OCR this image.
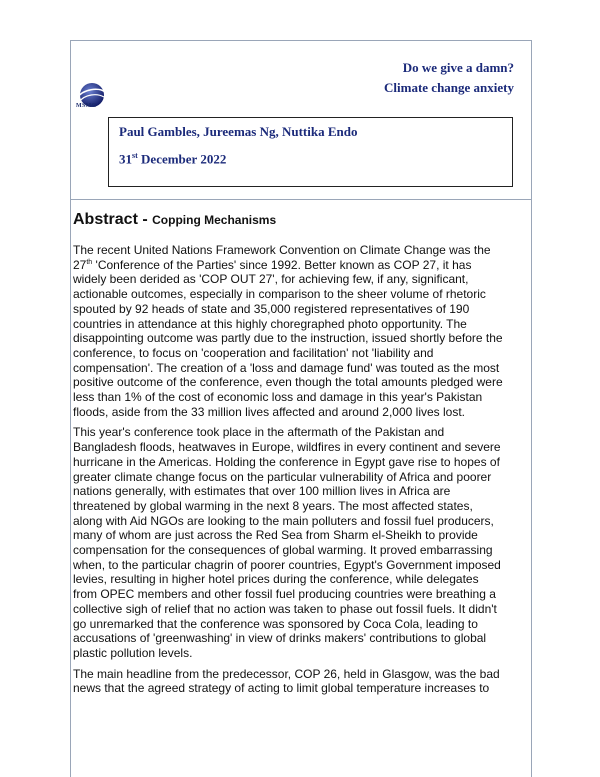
MSMG
Do we give a damn?
Climate change anxiety
Paul Gambles, Jureemas Ng, Nuttika Endo
31st December 2022
Abstract - Copping Mechanisms

The recent United Nations Framework Convention on Climate Change was the
27th 'Conference of the Parties' since 1992. Better known as COP 27, it has
widely been derided as 'COP OUT 27', for achieving few, if any, significant,
actionable outcomes, especially in comparison to the sheer volume of rhetoric
spouted by 92 heads of state and 35,000 registered representatives of 190
countries in attendance at this highly choregraphed photo opportunity. The
disappointing outcome was partly due to the instruction, issued shortly before the
conference, to focus on 'cooperation and facilitation' not 'liability and
compensation'. The creation of a 'loss and damage fund' was touted as the most
positive outcome of the conference, even though the total amounts pledged were
less than 1% of the cost of economic loss and damage in this year's Pakistan
floods, aside from the 33 million lives affected and around 2,000 lives lost.

This year's conference took place in the aftermath of the Pakistan and
Bangladesh floods, heatwaves in Europe, wildfires in every continent and severe
hurricane in the Americas. Holding the conference in Egypt gave rise to hopes of
greater climate change focus on the particular vulnerability of Africa and poorer
nations generally, with estimates that over 100 million lives in Africa are
threatened by global warming in the next 8 years. The most affected states,
along with Aid NGOs are looking to the main polluters and fossil fuel producers,
many of whom are just across the Red Sea from Sharm el-Sheikh to provide
compensation for the consequences of global warming. It proved embarrassing
when, to the particular chagrin of poorer countries, Egypt's Government imposed
levies, resulting in higher hotel prices during the conference, while delegates
from OPEC members and other fossil fuel producing countries were breathing a
collective sigh of relief that no action was taken to phase out fossil fuels. It didn't
go unremarked that the conference was sponsored by Coca Cola, leading to
accusations of 'greenwashing' in view of drinks makers' contributions to global
plastic pollution levels.

The main headline from the predecessor, COP 26, held in Glasgow, was the bad
news that the agreed strategy of acting to limit global temperature increases to
